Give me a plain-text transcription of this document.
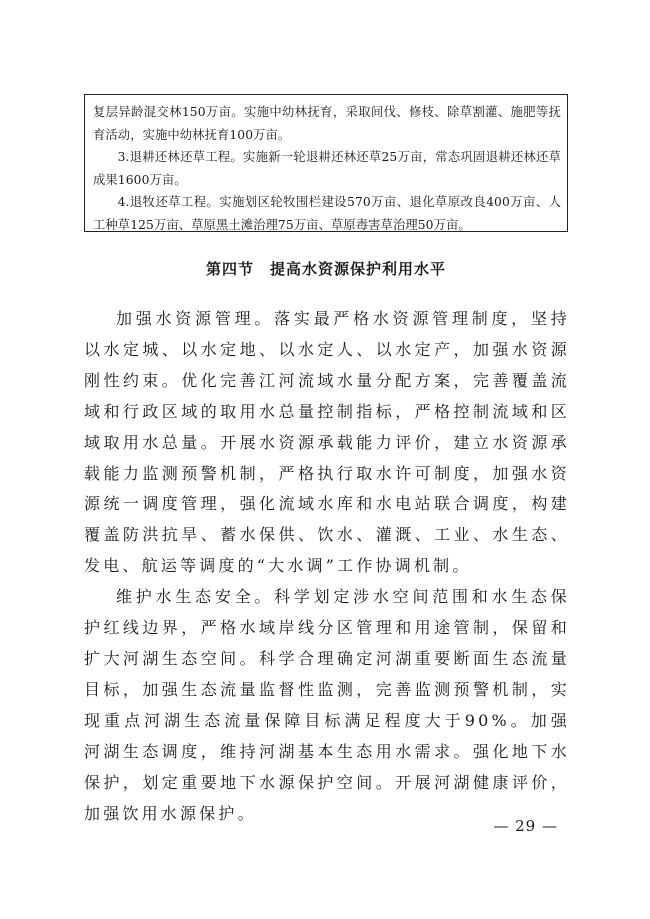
复层异龄混交林150万亩。实施中幼林抚育，采取间伐、修枝、除草割灌、施肥等抚育活动，实施中幼林抚育100万亩。

3.退耕还林还草工程。实施新一轮退耕还林还草25万亩，常态巩固退耕还林还草成果1600万亩。

4.退牧还草工程。实施划区轮牧围栏建设570万亩、退化草原改良400万亩、人工种草125万亩、草原黑土滩治理75万亩、草原毒害草治理50万亩。

第四节　提高水资源保护利用水平

加强水资源管理。落实最严格水资源管理制度，坚持以水定城、以水定地、以水定人、以水定产，加强水资源刚性约束。优化完善江河流域水量分配方案，完善覆盖流域和行政区域的取用水总量控制指标，严格控制流域和区域取用水总量。开展水资源承载能力评价，建立水资源承载能力监测预警机制，严格执行取水许可制度，加强水资源统一调度管理，强化流域水库和水电站联合调度，构建覆盖防洪抗旱、蓄水保供、饮水、灌溉、工业、水生态、发电、航运等调度的“大水调”工作协调机制。

维护水生态安全。科学划定涉水空间范围和水生态保护红线边界，严格水域岸线分区管理和用途管制，保留和扩大河湖生态空间。科学合理确定河湖重要断面生态流量目标，加强生态流量监督性监测，完善监测预警机制，实现重点河湖生态流量保障目标满足程度大于90%。加强河湖生态调度，维持河湖基本生态用水需求。强化地下水保护，划定重要地下水源保护空间。开展河湖健康评价，加强饮用水源保护。

— 29 —
